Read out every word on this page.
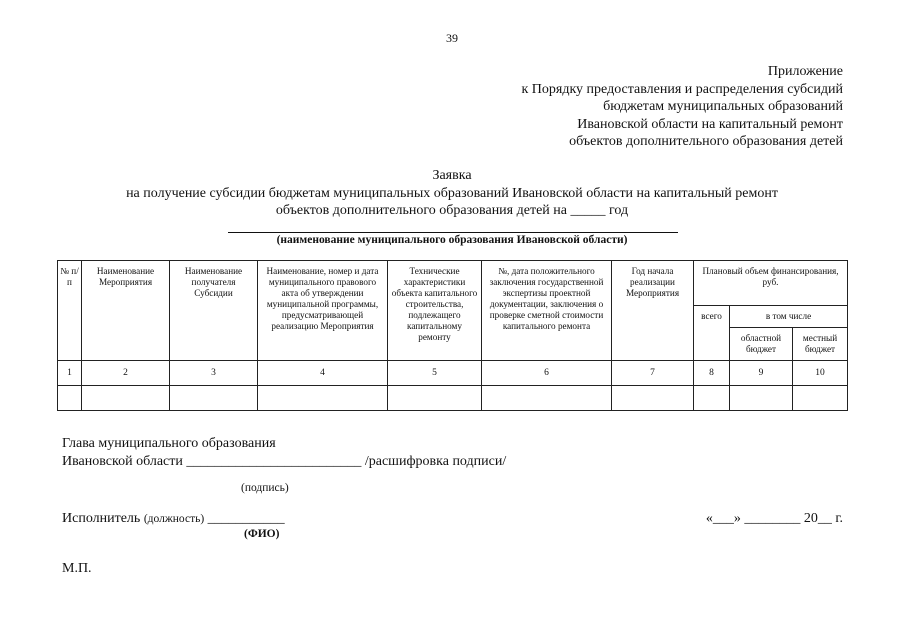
39
Приложение
к Порядку предоставления и распределения субсидий
бюджетам муниципальных образований
Ивановской области на капитальный ремонт
объектов дополнительного образования детей
Заявка
на получение субсидии бюджетам муниципальных образований Ивановской области на капитальный ремонт
объектов дополнительного образования детей на _____ год
(наименование муниципального образования Ивановской области)
№ п/п	Наименование Мероприятия	Наименование получателя Субсидии	Наименование, номер и дата муниципального правового акта об утверждении муниципальной программы, предусматривающей реализацию Мероприятия	Технические характеристики объекта капитального строительства, подлежащего капитальному ремонту	№, дата положительного заключения государственной экспертизы проектной документации, заключения о проверке сметной стоимости капитального ремонта	Год начала реализации Мероприятия	Плановый объем финансирования, руб.		
							всего	в том числе	
								областной бюджет	местный бюджет
1	2	3	4	5	6	7	8	9	10

Глава муниципального образования
Ивановской области _________________________ /расшифровка подписи/
(подпись)
Исполнитель (должность) ___________
(ФИО)
«___» ________ 20__ г.
М.П.
